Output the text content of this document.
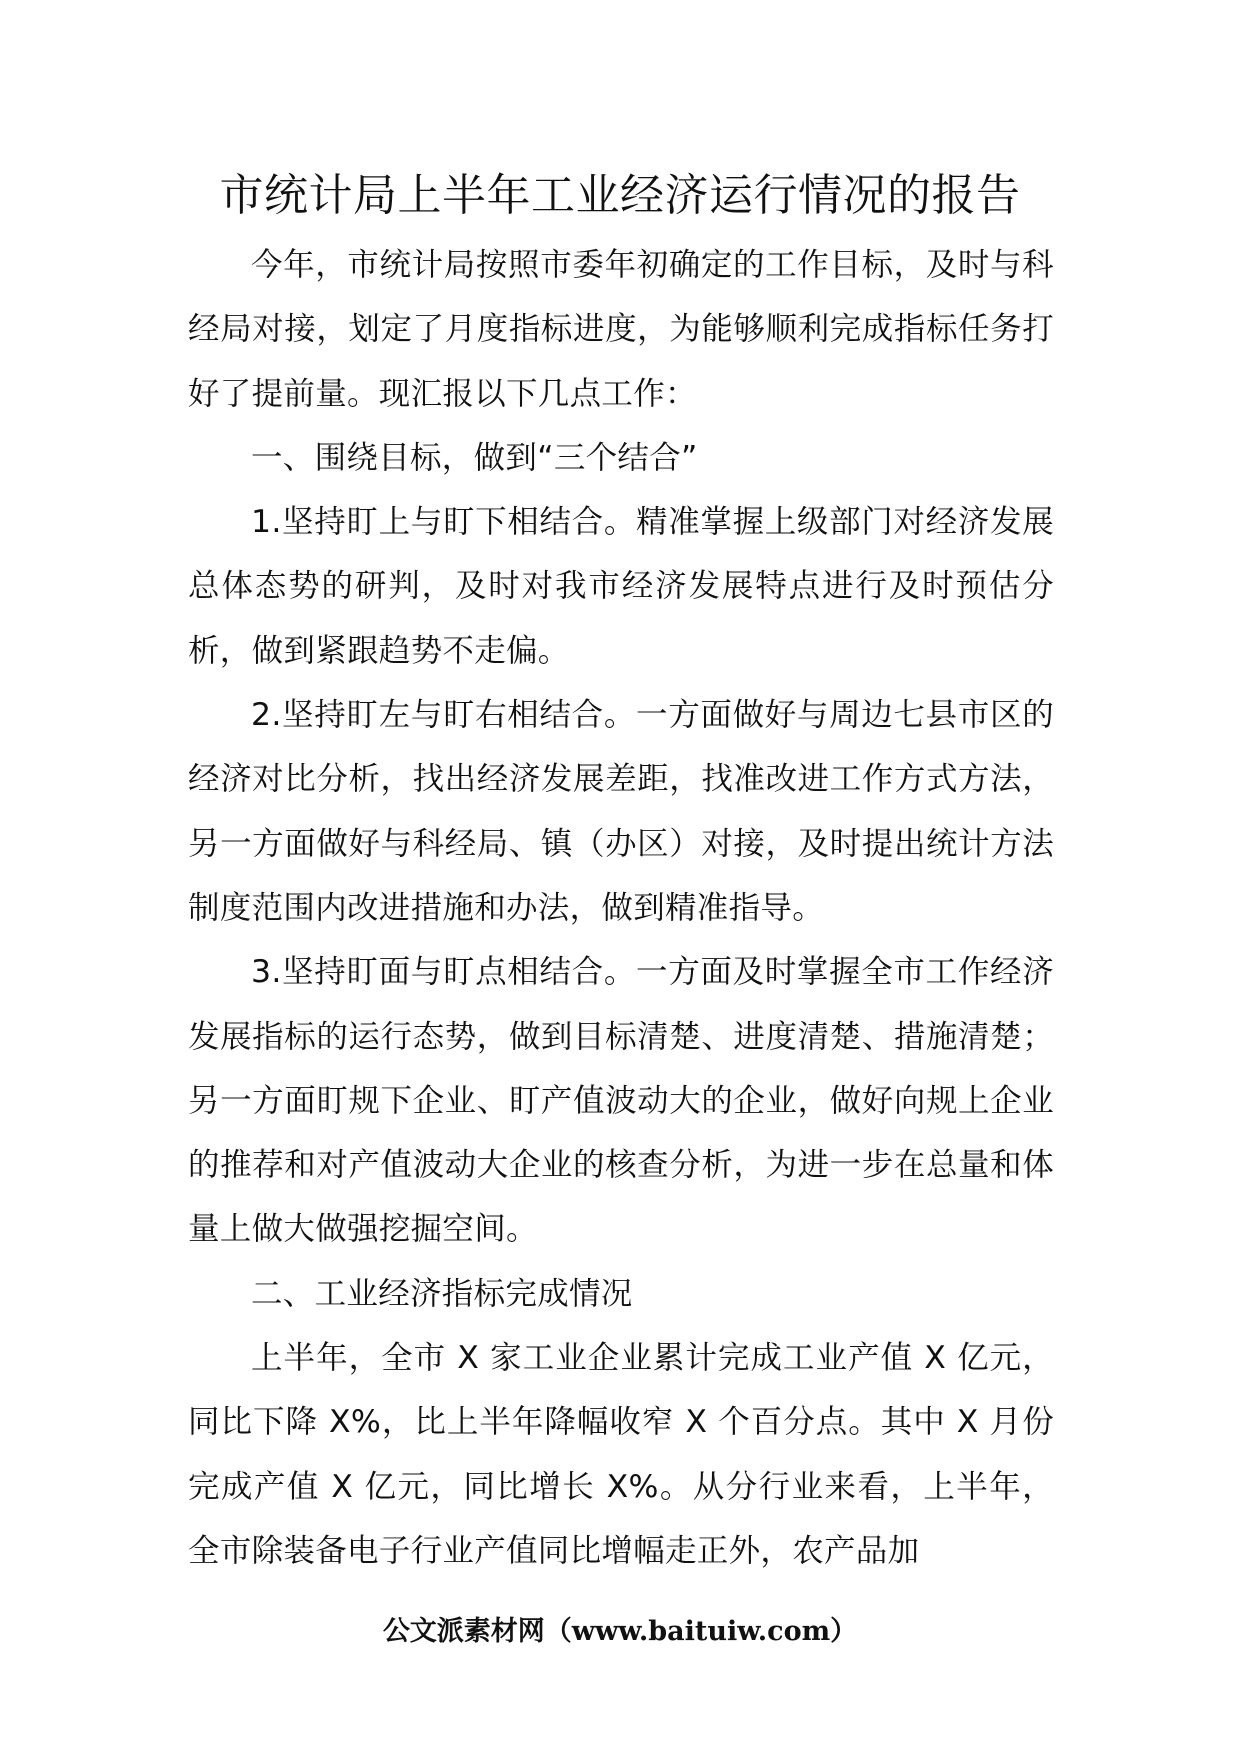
市统计局上半年工业经济运行情况的报告

今年，市统计局按照市委年初确定的工作目标，及时与科经局对接，划定了月度指标进度，为能够顺利完成指标任务打好了提前量。现汇报以下几点工作：

一、围绕目标，做到“三个结合”

1.坚持盯上与盯下相结合。精准掌握上级部门对经济发展总体态势的研判，及时对我市经济发展特点进行及时预估分析，做到紧跟趋势不走偏。

2.坚持盯左与盯右相结合。一方面做好与周边七县市区的经济对比分析，找出经济发展差距，找准改进工作方式方法，另一方面做好与科经局、镇（办区）对接，及时提出统计方法制度范围内改进措施和办法，做到精准指导。

3.坚持盯面与盯点相结合。一方面及时掌握全市工作经济发展指标的运行态势，做到目标清楚、进度清楚、措施清楚；另一方面盯规下企业、盯产值波动大的企业，做好向规上企业的推荐和对产值波动大企业的核查分析，为进一步在总量和体量上做大做强挖掘空间。

二、工业经济指标完成情况

上半年，全市 X 家工业企业累计完成工业产值 X 亿元，同比下降 X%，比上半年降幅收窄 X 个百分点。其中 X 月份完成产值 X 亿元，同比增长 X%。从分行业来看，上半年，全市除装备电子行业产值同比增幅走正外，农产品加

公文派素材网（www.baituiw.com）
